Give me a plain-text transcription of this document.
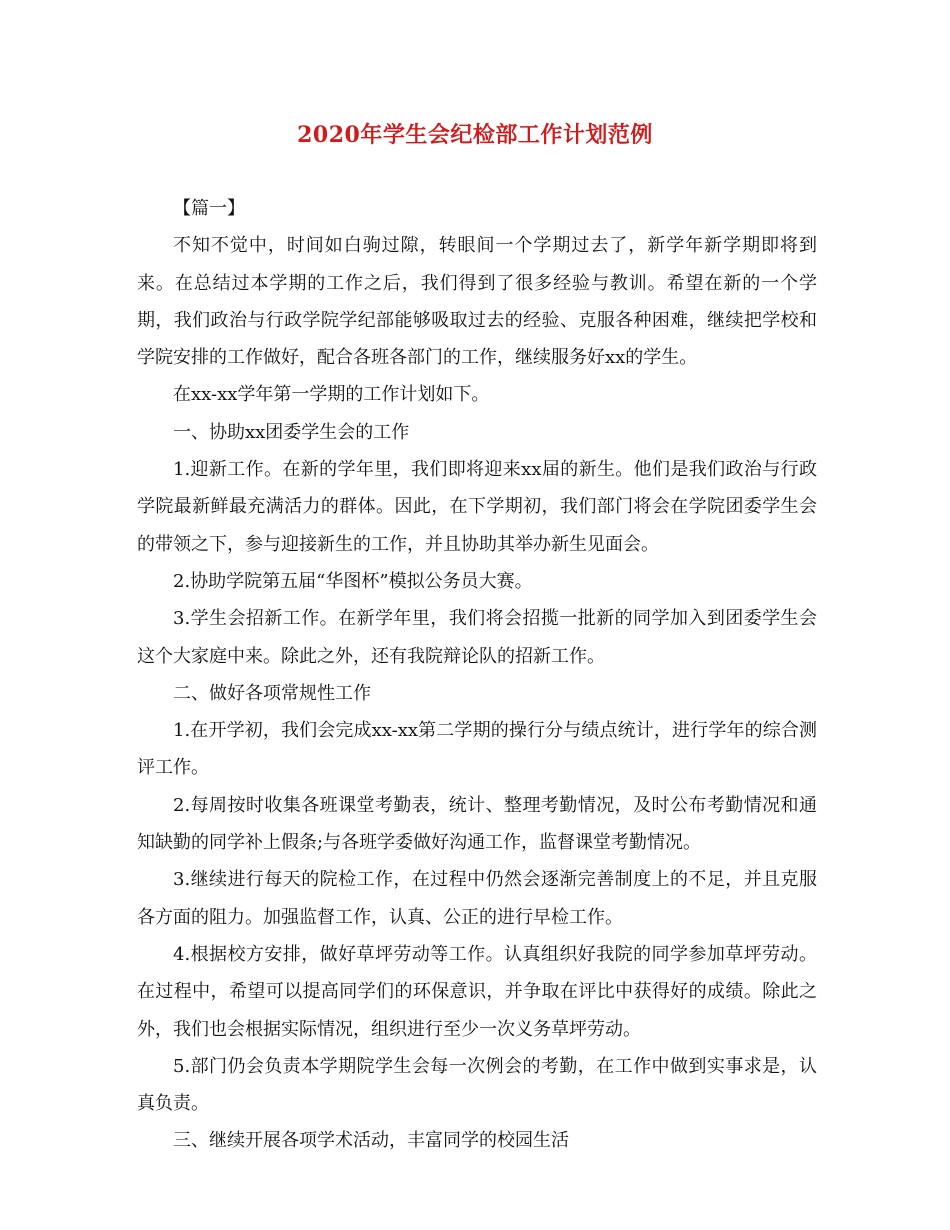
2020年学生会纪检部工作计划范例

【篇一】

不知不觉中，时间如白驹过隙，转眼间一个学期过去了，新学年新学期即将到来。在总结过本学期的工作之后，我们得到了很多经验与教训。希望在新的一个学期，我们政治与行政学院学纪部能够吸取过去的经验、克服各种困难，继续把学校和学院安排的工作做好，配合各班各部门的工作，继续服务好xx的学生。

在xx-xx学年第一学期的工作计划如下。

一、协助xx团委学生会的工作

1.迎新工作。在新的学年里，我们即将迎来xx届的新生。他们是我们政治与行政学院最新鲜最充满活力的群体。因此，在下学期初，我们部门将会在学院团委学生会的带领之下，参与迎接新生的工作，并且协助其举办新生见面会。

2.协助学院第五届“华图杯”模拟公务员大赛。

3.学生会招新工作。在新学年里，我们将会招揽一批新的同学加入到团委学生会这个大家庭中来。除此之外，还有我院辩论队的招新工作。

二、做好各项常规性工作

1.在开学初，我们会完成xx-xx第二学期的操行分与绩点统计，进行学年的综合测评工作。

2.每周按时收集各班课堂考勤表，统计、整理考勤情况，及时公布考勤情况和通知缺勤的同学补上假条;与各班学委做好沟通工作，监督课堂考勤情况。

3.继续进行每天的院检工作，在过程中仍然会逐渐完善制度上的不足，并且克服各方面的阻力。加强监督工作，认真、公正的进行早检工作。

4.根据校方安排，做好草坪劳动等工作。认真组织好我院的同学参加草坪劳动。在过程中，希望可以提高同学们的环保意识，并争取在评比中获得好的成绩。除此之外，我们也会根据实际情况，组织进行至少一次义务草坪劳动。

5.部门仍会负责本学期院学生会每一次例会的考勤，在工作中做到实事求是，认真负责。

三、继续开展各项学术活动，丰富同学的校园生活
